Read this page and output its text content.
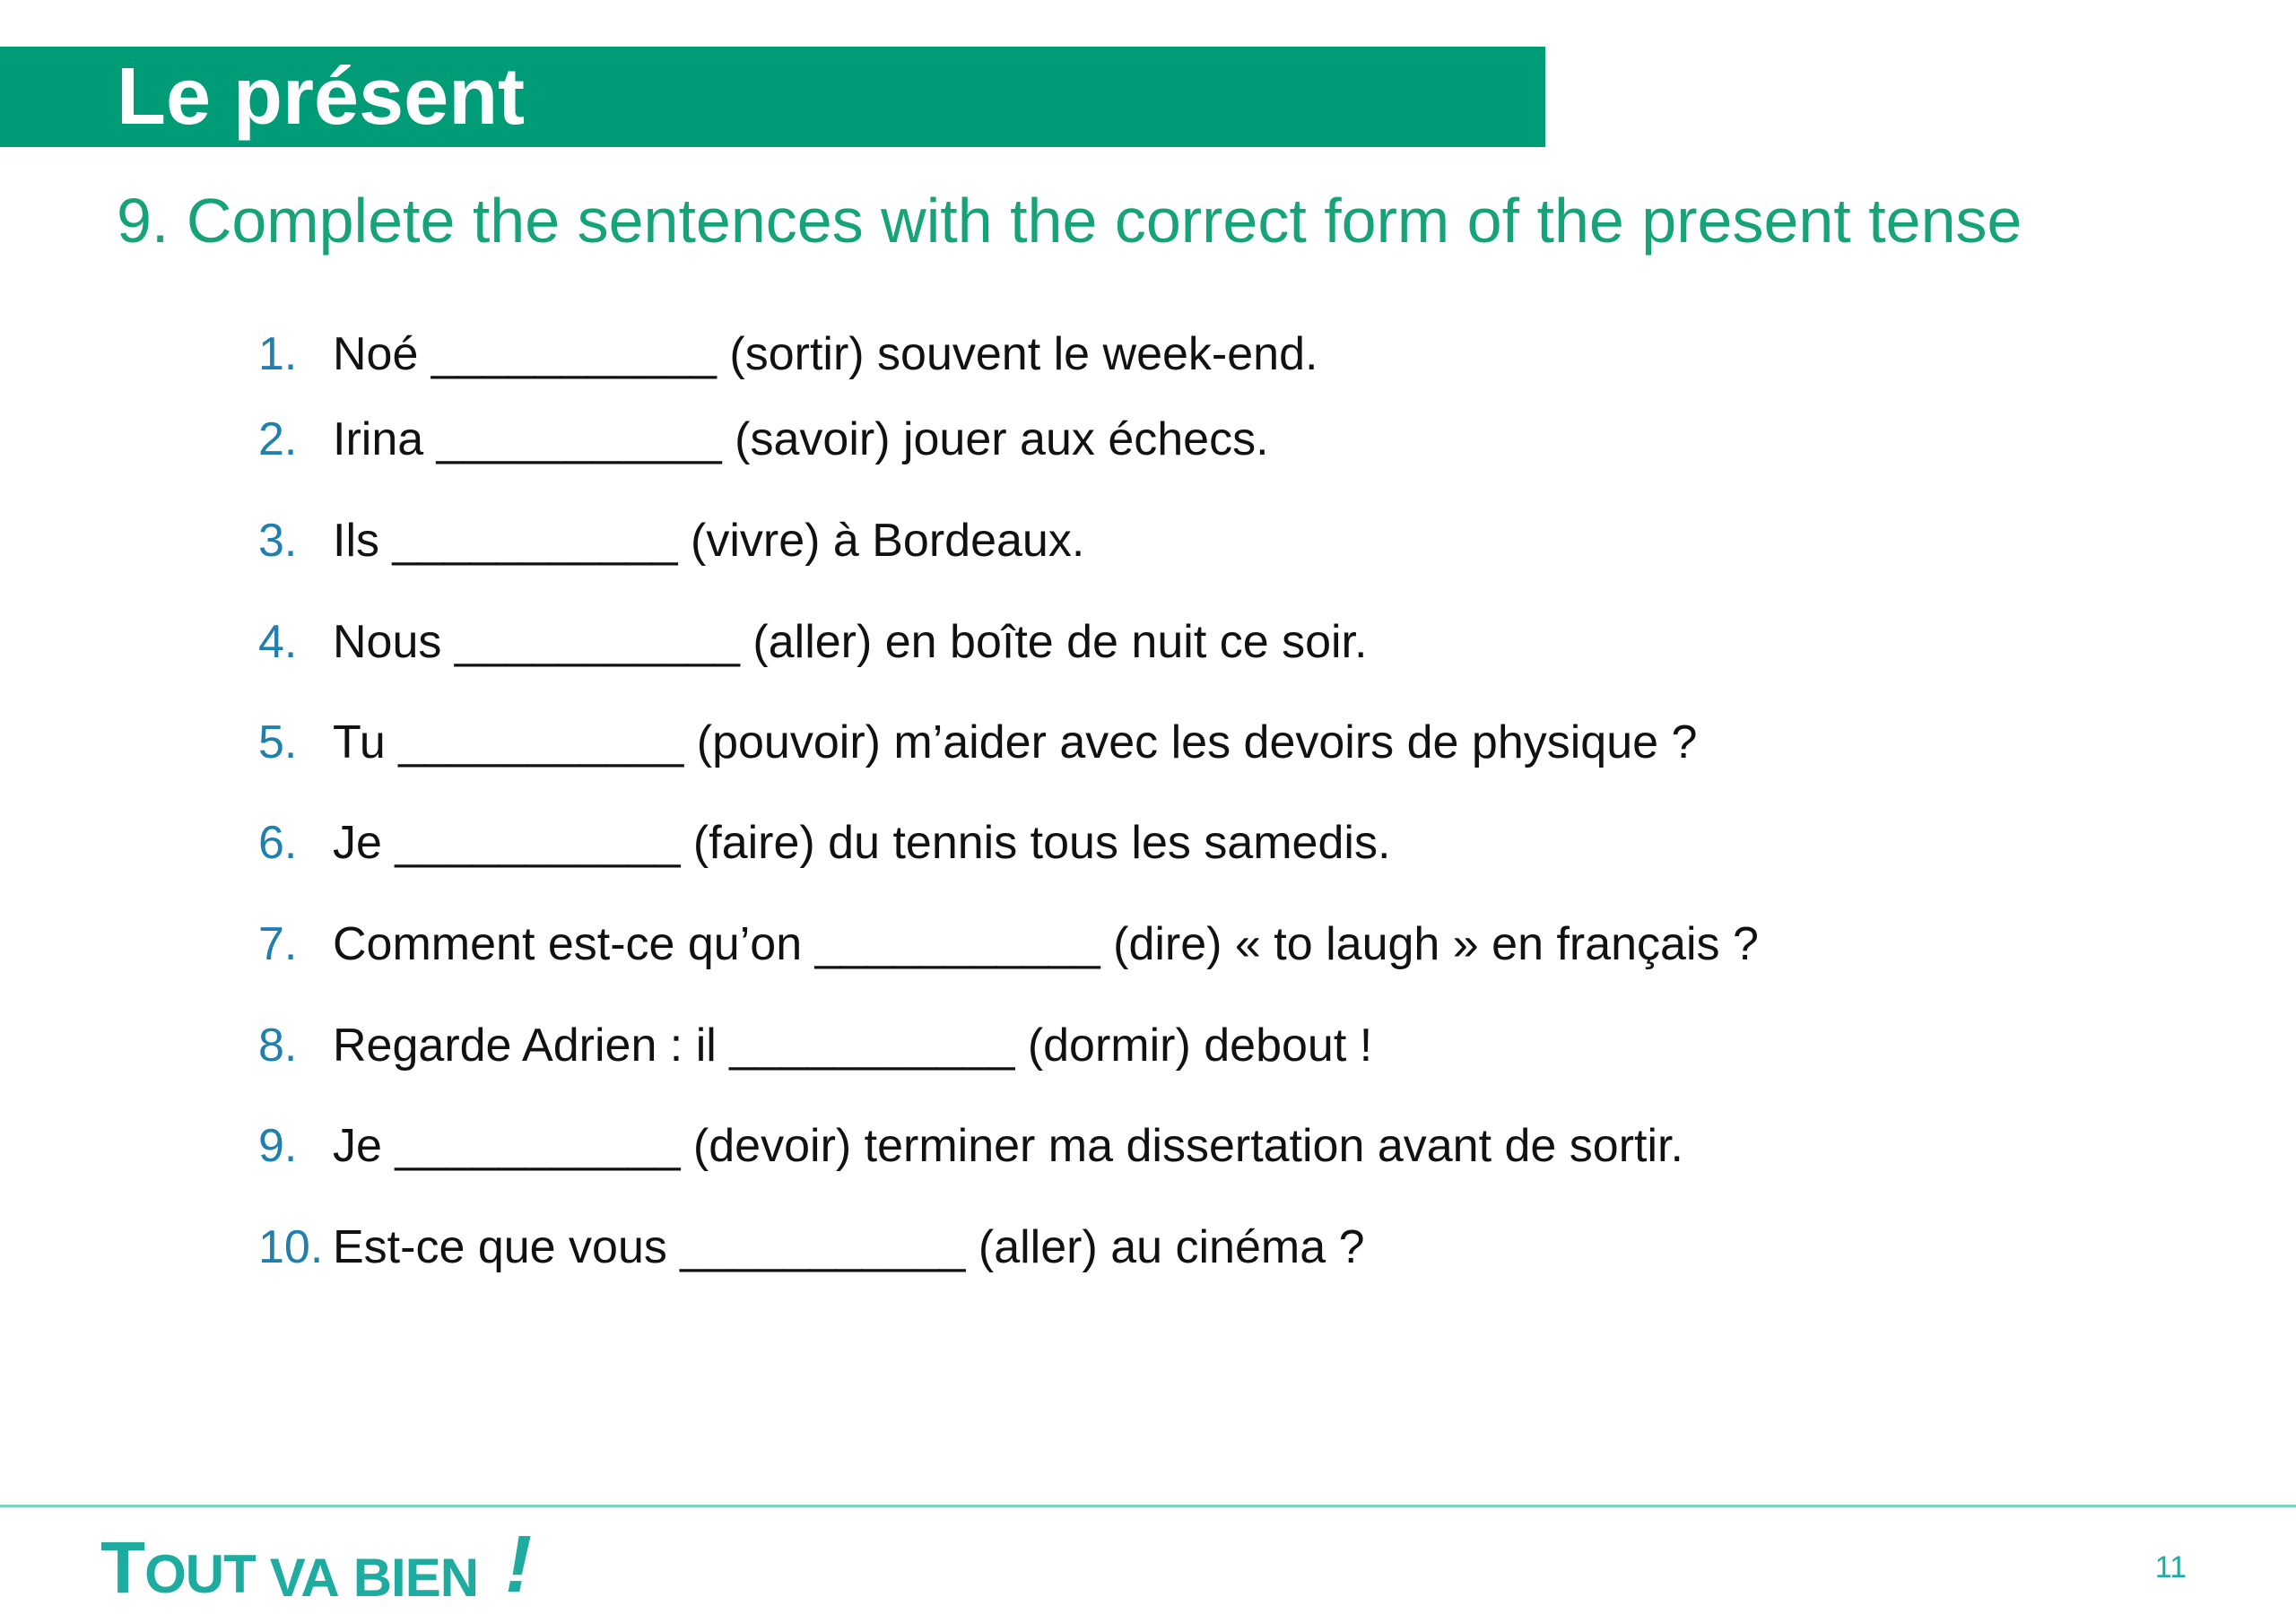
Le présent
9. Complete the sentences with the correct form of the present tense
1. Noé ___________ (sortir) souvent le week-end.
2. Irina ___________ (savoir) jouer aux échecs.
3. Ils ___________ (vivre) à Bordeaux.
4. Nous ___________ (aller) en boîte de nuit ce soir.
5. Tu ___________ (pouvoir) m’aider avec les devoirs de physique ?
6. Je ___________ (faire) du tennis tous les samedis.
7. Comment est-ce qu’on ___________ (dire) « to laugh » en français ?
8. Regarde Adrien : il ___________ (dormir) debout !
9. Je ___________ (devoir) terminer ma dissertation avant de sortir.
10. Est-ce que vous ___________ (aller) au cinéma ?
TOUT VA BIEN !	11
